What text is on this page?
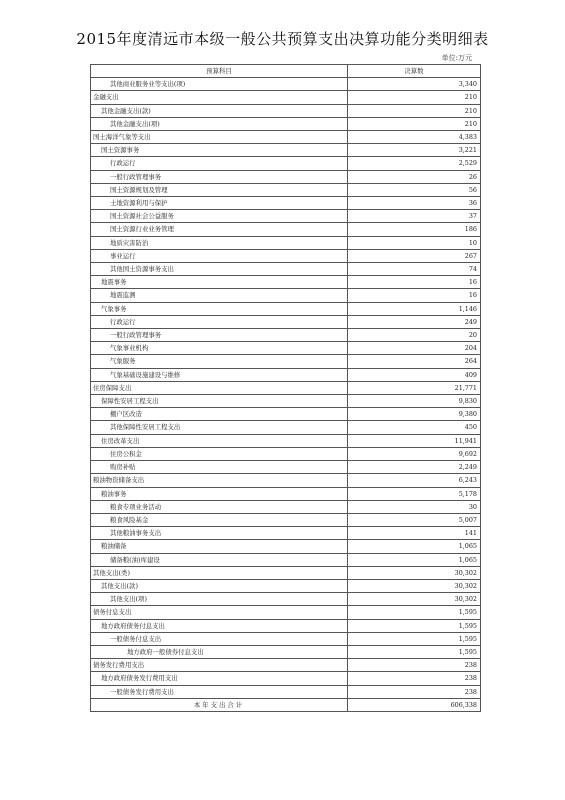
2015年度清远市本级一般公共预算支出决算功能分类明细表
单位:万元
预算科目	决算数
其他商业服务业等支出(项)	3,340
金融支出	210
其他金融支出(款)	210
其他金融支出(项)	210
国土海洋气象等支出	4,383
国土资源事务	3,221
行政运行	2,529
一般行政管理事务	26
国土资源规划及管理	56
土地资源利用与保护	36
国土资源社会公益服务	37
国土资源行业业务管理	186
地质灾害防治	10
事业运行	267
其他国土资源事务支出	74
地震事务	16
地震监测	16
气象事务	1,146
行政运行	249
一般行政管理事务	20
气象事业机构	204
气象服务	264
气象基础设施建设与维修	409
住房保障支出	21,771
保障性安居工程支出	9,830
棚户区改造	9,380
其他保障性安居工程支出	450
住房改革支出	11,941
住房公积金	9,692
购房补贴	2,249
粮油物资储备支出	6,243
粮油事务	5,178
粮食专项业务活动	30
粮食风险基金	5,007
其他粮油事务支出	141
粮油储备	1,065
储备粮(油)库建设	1,065
其他支出(类)	30,302
其他支出(款)	30,302
其他支出(项)	30,302
债务付息支出	1,595
地方政府债务付息支出	1,595
一般债务付息支出	1,595
地方政府一般债券付息支出	1,595
债务发行费用支出	238
地方政府债务发行费用支出	238
一般债务发行费用支出	238
本年支出合计	606,338
